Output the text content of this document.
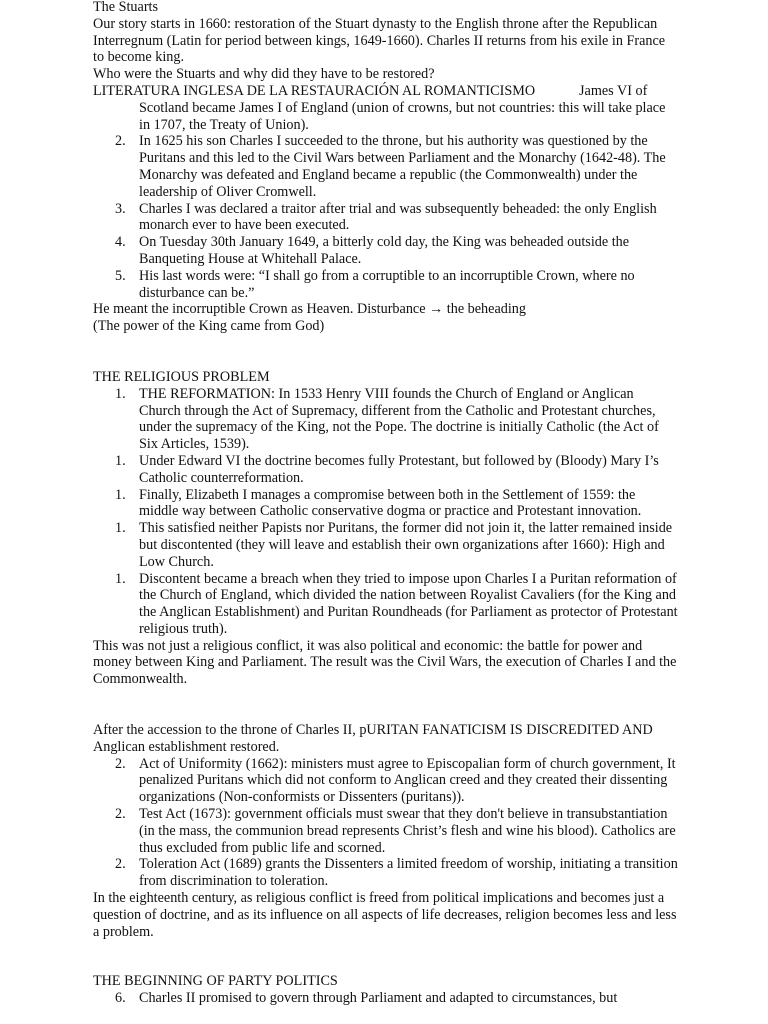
The Stuarts

Our story starts in 1660: restoration of the Stuart dynasty to the English throne after the Republican Interregnum (Latin for period between kings, 1649-1660). Charles II returns from his exile in France to become king.

Who were the Stuarts and why did they have to be restored?

LITERATURA INGLESA DE LA RESTAURACIÓN AL ROMANTICISMO	James VI of
Scotland became James I of England (union of crowns, but not countries: this will take place in 1707, the Treaty of Union).
2. In 1625 his son Charles I succeeded to the throne, but his authority was questioned by the Puritans and this led to the Civil Wars between Parliament and the Monarchy (1642-48). The Monarchy was defeated and England became a republic (the Commonwealth) under the leadership of Oliver Cromwell.
3. Charles I was declared a traitor after trial and was subsequently beheaded: the only English monarch ever to have been executed.
4. On Tuesday 30th January 1649, a bitterly cold day, the King was beheaded outside the Banqueting House at Whitehall Palace.
5. His last words were: “I shall go from a corruptible to an incorruptible Crown, where no disturbance can be.”

He meant the incorruptible Crown as Heaven. Disturbance → the beheading

(The power of the King came from God)

THE RELIGIOUS PROBLEM

1. THE REFORMATION: In 1533 Henry VIII founds the Church of England or Anglican Church through the Act of Supremacy, different from the Catholic and Protestant churches, under the supremacy of the King, not the Pope. The doctrine is initially Catholic (the Act of Six Articles, 1539).
1. Under Edward VI the doctrine becomes fully Protestant, but followed by (Bloody) Mary I’s Catholic counterreformation.
1. Finally, Elizabeth I manages a compromise between both in the Settlement of 1559: the middle way between Catholic conservative dogma or practice and Protestant innovation.
1. This satisfied neither Papists nor Puritans, the former did not join it, the latter remained inside but discontented (they will leave and establish their own organizations after 1660): High and Low Church.
1. Discontent became a breach when they tried to impose upon Charles I a Puritan reformation of the Church of England, which divided the nation between Royalist Cavaliers (for the King and the Anglican Establishment) and Puritan Roundheads (for Parliament as protector of Protestant religious truth).

This was not just a religious conflict, it was also political and economic: the battle for power and money between King and Parliament. The result was the Civil Wars, the execution of Charles I and the Commonwealth.

After the accession to the throne of Charles II, pURITAN FANATICISM IS DISCREDITED AND Anglican establishment restored.

2. Act of Uniformity (1662): ministers must agree to Episcopalian form of church government, It penalized Puritans which did not conform to Anglican creed and they created their dissenting organizations (Non-conformists or Dissenters (puritans)).
2. Test Act (1673): government officials must swear that they don't believe in transubstantiation (in the mass, the communion bread represents Christ’s flesh and wine his blood). Catholics are thus excluded from public life and scorned.
2. Toleration Act (1689) grants the Dissenters a limited freedom of worship, initiating a transition from discrimination to toleration.

In the eighteenth century, as religious conflict is freed from political implications and becomes just a question of doctrine, and as its influence on all aspects of life decreases, religion becomes less and less a problem.

THE BEGINNING OF PARTY POLITICS

6. Charles II promised to govern through Parliament and adapted to circumstances, but
